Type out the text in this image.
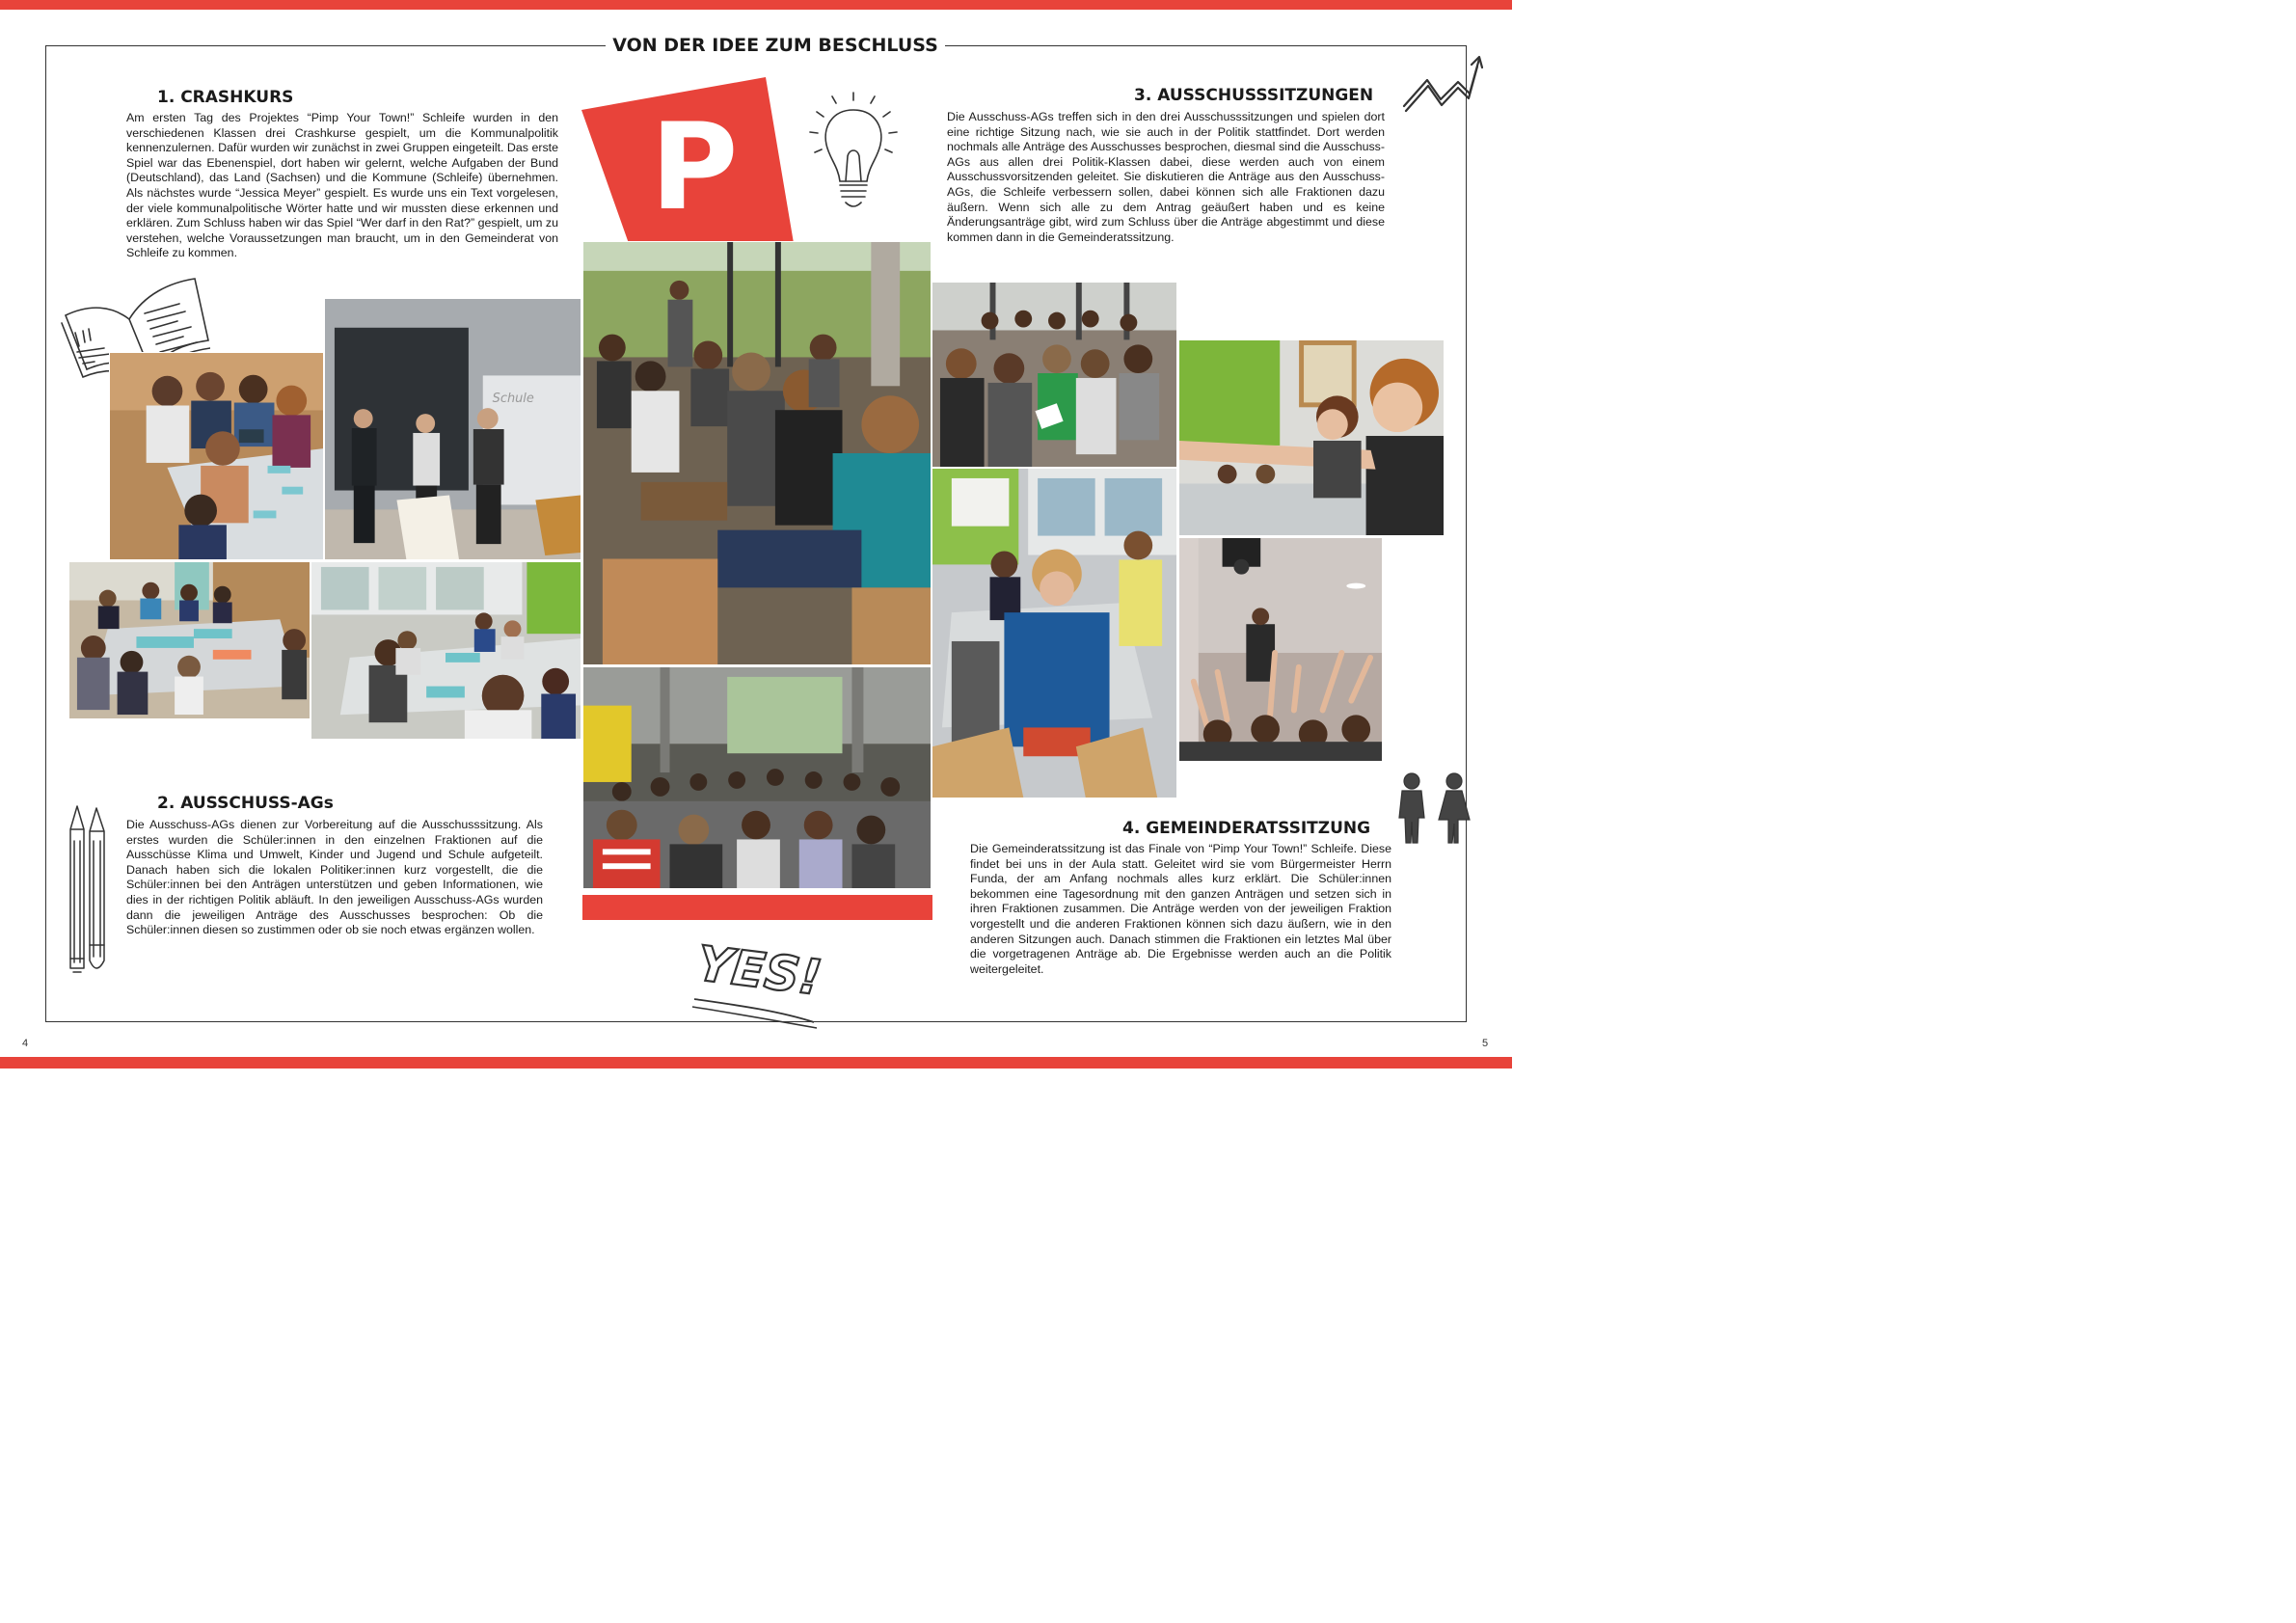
VON DER IDEE ZUM BESCHLUSS
1. CRASHKURS

Am ersten Tag des Projektes “Pimp Your Town!” Schleife wurden in den verschiedenen Klassen drei Crashkurse gespielt, um die Kommunalpolitik kennenzulernen. Dafür wurden wir zunächst in zwei Gruppen eingeteilt. Das erste Spiel war das Ebenenspiel, dort haben wir gelernt, welche Aufgaben der Bund (Deutschland), das Land (Sachsen) und die Kommune (Schleife) übernehmen. Als nächstes wurde “Jessica Meyer” gespielt. Es wurde uns ein Text vorgelesen, der viele kommunalpolitische Wörter hatte und wir mussten diese erkennen und erklären. Zum Schluss haben wir das Spiel “Wer darf in den Rat?” gespielt, um zu verstehen, welche Voraussetzungen man braucht, um in den Gemeinderat von Schleife zu kommen.

2. AUSSCHUSS-AGs

Die Ausschuss-AGs dienen zur Vorbereitung auf die Ausschusssitzung. Als erstes wurden die Schüler:innen in den einzelnen Fraktionen auf die Ausschüsse Klima und Umwelt, Kinder und Jugend und Schule aufgeteilt. Danach haben sich die lokalen Politiker:innen kurz vorgestellt, die die Schüler:innen bei den Anträgen unterstützen und geben Informationen, wie dies in der richtigen Politik abläuft. In den jeweiligen Ausschuss-AGs wurden dann die jeweiligen Anträge des Ausschusses besprochen: Ob die Schüler:innen diesen so zustimmen oder ob sie noch etwas ergänzen wollen.

3. AUSSCHUSSSITZUNGEN

Die Ausschuss-AGs treffen sich in den drei Ausschusssitzungen und spielen dort eine richtige Sitzung nach, wie sie auch in der Politik stattfindet. Dort werden nochmals alle Anträge des Ausschusses besprochen, diesmal sind die Ausschuss-AGs aus allen drei Politik-Klassen dabei, diese werden auch von einem Ausschussvorsitzenden geleitet. Sie diskutieren die Anträge aus den Ausschuss-AGs, die Schleife verbessern sollen, dabei können sich alle Fraktionen dazu äußern. Wenn sich alle zu dem Antrag geäußert haben und es keine Änderungsanträge gibt, wird zum Schluss über die Anträge abgestimmt und diese kommen dann in die Gemeinderatssitzung.

4. GEMEINDERATSSITZUNG

Die Gemeinderatssitzung ist das Finale von “Pimp Your Town!” Schleife. Diese findet bei uns in der Aula statt. Geleitet wird sie vom Bürgermeister Herrn Funda, der am Anfang nochmals alles kurz erklärt. Die Schüler:innen bekommen eine Tagesordnung mit den ganzen Anträgen und setzen sich in ihren Fraktionen zusammen. Die Anträge werden von der jeweiligen Fraktion vorgestellt und die anderen Fraktionen können sich dazu äußern, wie in den anderen Sitzungen auch. Danach stimmen die Fraktionen ein letztes Mal über die vorgetragenen Anträge ab. Die Ergebnisse werden auch an die Politik weitergeleitet.

P
YES!
Schule
4	5
